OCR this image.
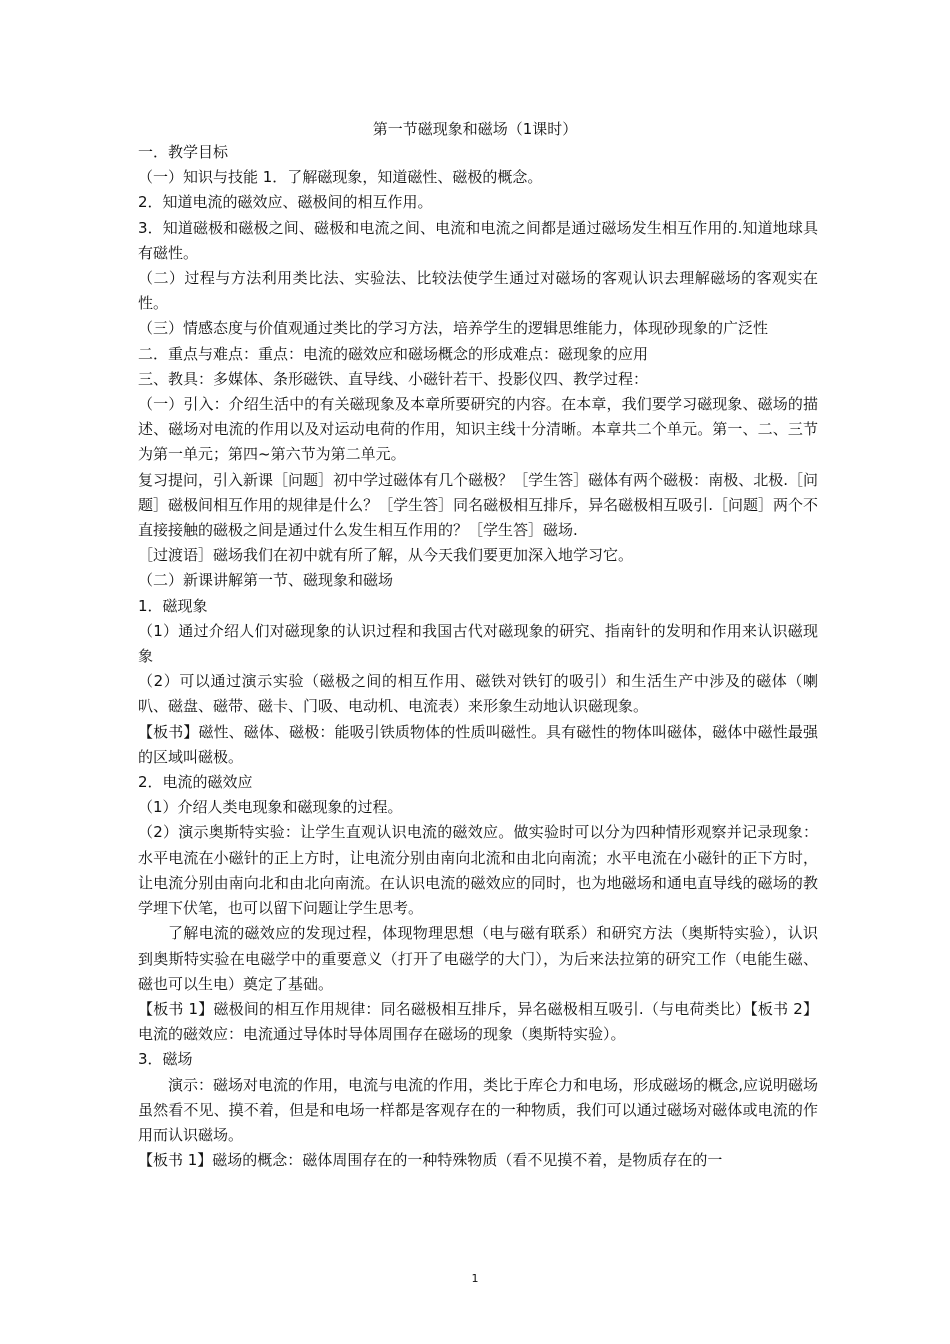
第一节磁现象和磁场（1课时）

一．教学目标

（一）知识与技能 1．了解磁现象，知道磁性、磁极的概念。

2．知道电流的磁效应、磁极间的相互作用。

3．知道磁极和磁极之间、磁极和电流之间、电流和电流之间都是通过磁场发生相互作用的.知道地球具有磁性。

（二）过程与方法利用类比法、实验法、比较法使学生通过对磁场的客观认识去理解磁场的客观实在性。

（三）情感态度与价值观通过类比的学习方法，培养学生的逻辑思维能力，体现砂现象的广泛性

二．重点与难点：重点：电流的磁效应和磁场概念的形成难点：磁现象的应用

三、教具：多媒体、条形磁铁、直导线、小磁针若干、投影仪四、教学过程：

（一）引入：介绍生活中的有关磁现象及本章所要研究的内容。在本章，我们要学习磁现象、磁场的描述、磁场对电流的作用以及对运动电荷的作用，知识主线十分清晰。本章共二个单元。第一、二、三节为第一单元；第四~第六节为第二单元。

复习提问，引入新课［问题］初中学过磁体有几个磁极？［学生答］磁体有两个磁极：南极、北极.［问题］磁极间相互作用的规律是什么？［学生答］同名磁极相互排斥，异名磁极相互吸引.［问题］两个不直接接触的磁极之间是通过什么发生相互作用的？［学生答］磁场.

［过渡语］磁场我们在初中就有所了解，从今天我们要更加深入地学习它。

（二）新课讲解第一节、磁现象和磁场

1．磁现象

（1）通过介绍人们对磁现象的认识过程和我国古代对磁现象的研究、指南针的发明和作用来认识磁现象

（2）可以通过演示实验（磁极之间的相互作用、磁铁对铁钉的吸引）和生活生产中涉及的磁体（喇叭、磁盘、磁带、磁卡、门吸、电动机、电流表）来形象生动地认识磁现象。

【板书】磁性、磁体、磁极：能吸引铁质物体的性质叫磁性。具有磁性的物体叫磁体，磁体中磁性最强的区域叫磁极。

2．电流的磁效应

（1）介绍人类电现象和磁现象的过程。

（2）演示奥斯特实验：让学生直观认识电流的磁效应。做实验时可以分为四种情形观察并记录现象：水平电流在小磁针的正上方时，让电流分别由南向北流和由北向南流；水平电流在小磁针的正下方时，让电流分别由南向北和由北向南流。在认识电流的磁效应的同时，也为地磁场和通电直导线的磁场的教学埋下伏笔，也可以留下问题让学生思考。

了解电流的磁效应的发现过程，体现物理思想（电与磁有联系）和研究方法（奥斯特实验），认识到奥斯特实验在电磁学中的重要意义（打开了电磁学的大门），为后来法拉第的研究工作（电能生磁、磁也可以生电）奠定了基础。

【板书 1】磁极间的相互作用规律：同名磁极相互排斥，异名磁极相互吸引.（与电荷类比）【板书 2】电流的磁效应：电流通过导体时导体周围存在磁场的现象（奥斯特实验）。

3．磁场

演示：磁场对电流的作用，电流与电流的作用，类比于库仑力和电场，形成磁场的概念,应说明磁场虽然看不见、摸不着，但是和电场一样都是客观存在的一种物质，我们可以通过磁场对磁体或电流的作用而认识磁场。

【板书 1】磁场的概念：磁体周围存在的一种特殊物质（看不见摸不着，是物质存在的一

1
